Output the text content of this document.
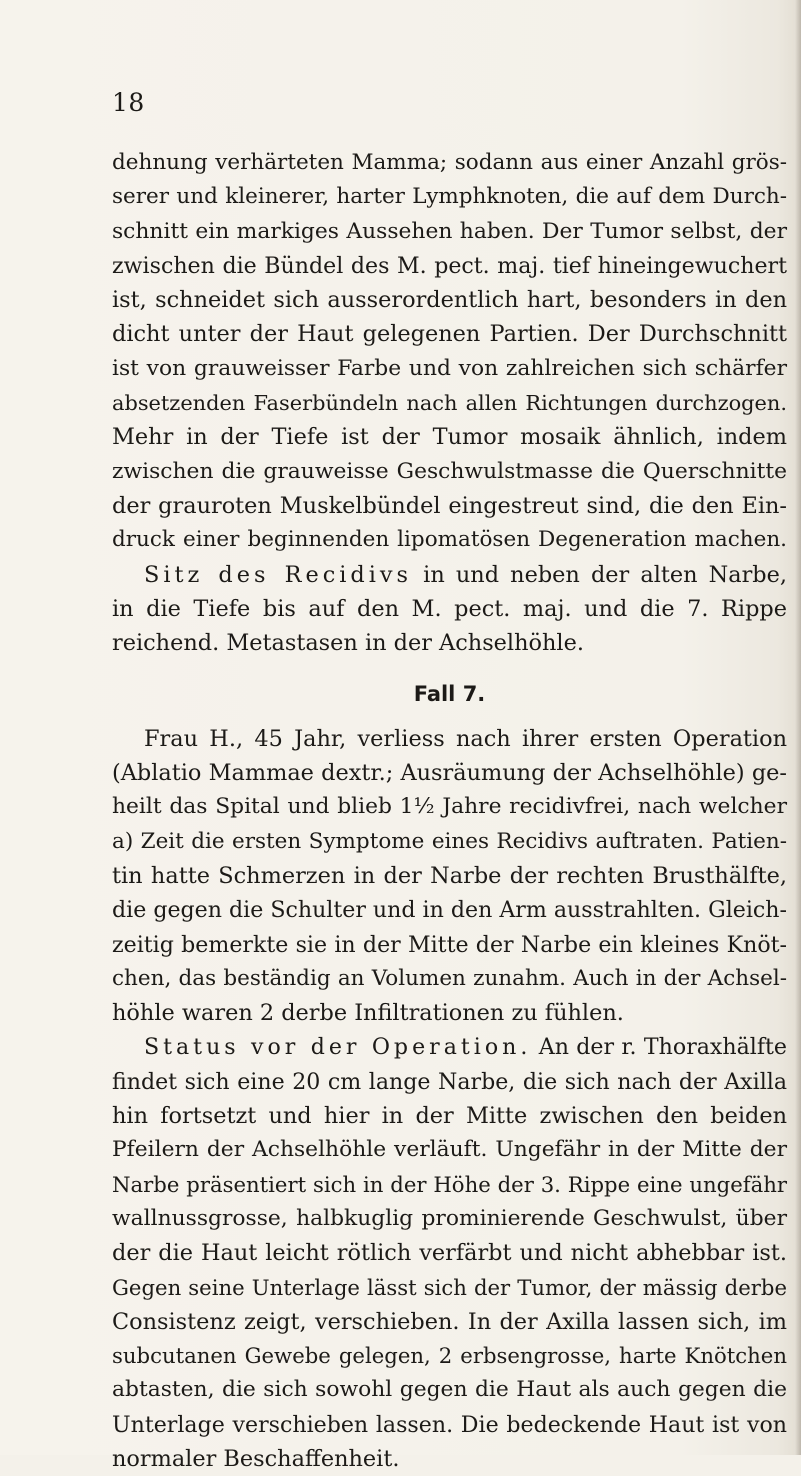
18
dehnung verhärteten Mamma; sodann aus einer Anzahl grös-
serer und kleinerer, harter Lymphknoten, die auf dem Durch-
schnitt ein markiges Aussehen haben. Der Tumor selbst, der
zwischen die Bündel des M. pect. maj. tief hineingewuchert
ist, schneidet sich ausserordentlich hart, besonders in den
dicht unter der Haut gelegenen Partien. Der Durchschnitt
ist von grauweisser Farbe und von zahlreichen sich schärfer
absetzenden Faserbündeln nach allen Richtungen durchzogen.
Mehr in der Tiefe ist der Tumor mosaik ähnlich, indem
zwischen die grauweisse Geschwulstmasse die Querschnitte
der grauroten Muskelbündel eingestreut sind, die den Ein-
druck einer beginnenden lipomatösen Degeneration machen.
Sitz des Recidivs in und neben der alten Narbe,
in die Tiefe bis auf den M. pect. maj. und die 7. Rippe
reichend. Metastasen in der Achselhöhle.
Fall 7.
Frau H., 45 Jahr, verliess nach ihrer ersten Operation
(Ablatio Mammae dextr.; Ausräumung der Achselhöhle) ge-
heilt das Spital und blieb 1½ Jahre recidivfrei, nach welcher
a) Zeit die ersten Symptome eines Recidivs auftraten. Patien-
tin hatte Schmerzen in der Narbe der rechten Brusthälfte,
die gegen die Schulter und in den Arm ausstrahlten. Gleich-
zeitig bemerkte sie in der Mitte der Narbe ein kleines Knöt-
chen, das beständig an Volumen zunahm. Auch in der Achsel-
höhle waren 2 derbe Infiltrationen zu fühlen.
Status vor der Operation. An der r. Thoraxhälfte
findet sich eine 20 cm lange Narbe, die sich nach der Axilla
hin fortsetzt und hier in der Mitte zwischen den beiden
Pfeilern der Achselhöhle verläuft. Ungefähr in der Mitte der
Narbe präsentiert sich in der Höhe der 3. Rippe eine ungefähr
wallnussgrosse, halbkuglig prominierende Geschwulst, über
der die Haut leicht rötlich verfärbt und nicht abhebbar ist.
Gegen seine Unterlage lässt sich der Tumor, der mässig derbe
Consistenz zeigt, verschieben. In der Axilla lassen sich, im
subcutanen Gewebe gelegen, 2 erbsengrosse, harte Knötchen
abtasten, die sich sowohl gegen die Haut als auch gegen die
Unterlage verschieben lassen. Die bedeckende Haut ist von
normaler Beschaffenheit.
